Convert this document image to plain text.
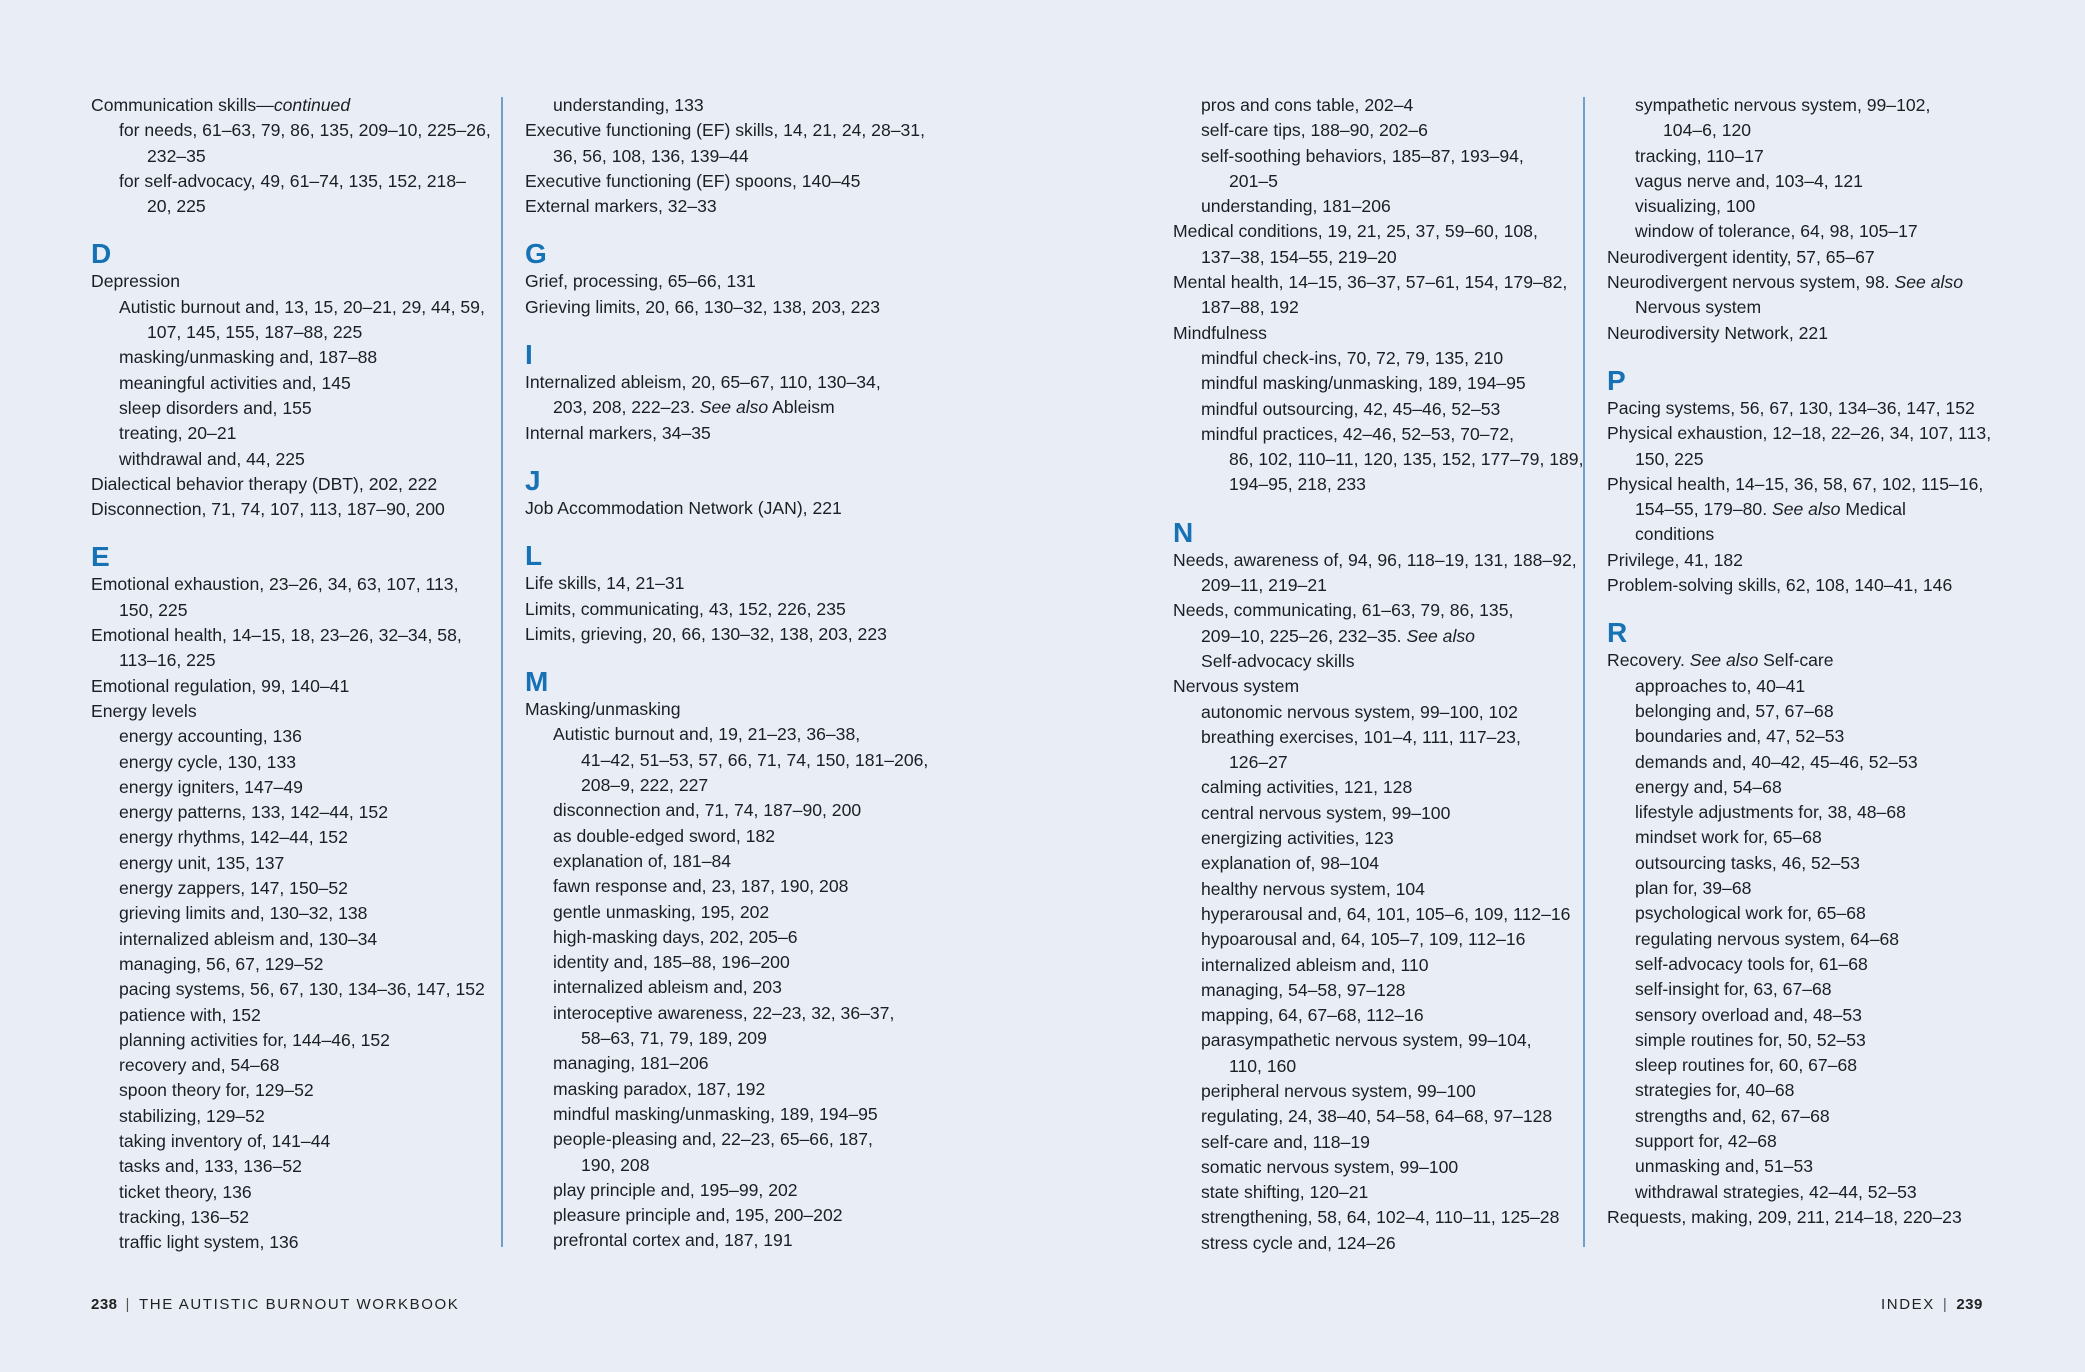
Communication skills—continued
for needs, 61–63, 79, 86, 135, 209–10, 225–26,
232–35
for self-advocacy, 49, 61–74, 135, 152, 218–
20, 225
D
Depression
Autistic burnout and, 13, 15, 20–21, 29, 44, 59,
107, 145, 155, 187–88, 225
masking/unmasking and, 187–88
meaningful activities and, 145
sleep disorders and, 155
treating, 20–21
withdrawal and, 44, 225
Dialectical behavior therapy (DBT), 202, 222
Disconnection, 71, 74, 107, 113, 187–90, 200
E
Emotional exhaustion, 23–26, 34, 63, 107, 113,
150, 225
Emotional health, 14–15, 18, 23–26, 32–34, 58,
113–16, 225
Emotional regulation, 99, 140–41
Energy levels
energy accounting, 136
energy cycle, 130, 133
energy igniters, 147–49
energy patterns, 133, 142–44, 152
energy rhythms, 142–44, 152
energy unit, 135, 137
energy zappers, 147, 150–52
grieving limits and, 130–32, 138
internalized ableism and, 130–34
managing, 56, 67, 129–52
pacing systems, 56, 67, 130, 134–36, 147, 152
patience with, 152
planning activities for, 144–46, 152
recovery and, 54–68
spoon theory for, 129–52
stabilizing, 129–52
taking inventory of, 141–44
tasks and, 133, 136–52
ticket theory, 136
tracking, 136–52
traffic light system, 136
understanding, 133
Executive functioning (EF) skills, 14, 21, 24, 28–31,
36, 56, 108, 136, 139–44
Executive functioning (EF) spoons, 140–45
External markers, 32–33
G
Grief, processing, 65–66, 131
Grieving limits, 20, 66, 130–32, 138, 203, 223
I
Internalized ableism, 20, 65–67, 110, 130–34,
203, 208, 222–23. See also Ableism
Internal markers, 34–35
J
Job Accommodation Network (JAN), 221
L
Life skills, 14, 21–31
Limits, communicating, 43, 152, 226, 235
Limits, grieving, 20, 66, 130–32, 138, 203, 223
M
Masking/unmasking
Autistic burnout and, 19, 21–23, 36–38,
41–42, 51–53, 57, 66, 71, 74, 150, 181–206,
208–9, 222, 227
disconnection and, 71, 74, 187–90, 200
as double-edged sword, 182
explanation of, 181–84
fawn response and, 23, 187, 190, 208
gentle unmasking, 195, 202
high-masking days, 202, 205–6
identity and, 185–88, 196–200
internalized ableism and, 203
interoceptive awareness, 22–23, 32, 36–37,
58–63, 71, 79, 189, 209
managing, 181–206
masking paradox, 187, 192
mindful masking/unmasking, 189, 194–95
people-pleasing and, 22–23, 65–66, 187,
190, 208
play principle and, 195–99, 202
pleasure principle and, 195, 200–202
prefrontal cortex and, 187, 191
238 | THE AUTISTIC BURNOUT WORKBOOK
pros and cons table, 202–4
self-care tips, 188–90, 202–6
self-soothing behaviors, 185–87, 193–94,
201–5
understanding, 181–206
Medical conditions, 19, 21, 25, 37, 59–60, 108,
137–38, 154–55, 219–20
Mental health, 14–15, 36–37, 57–61, 154, 179–82,
187–88, 192
Mindfulness
mindful check-ins, 70, 72, 79, 135, 210
mindful masking/unmasking, 189, 194–95
mindful outsourcing, 42, 45–46, 52–53
mindful practices, 42–46, 52–53, 70–72,
86, 102, 110–11, 120, 135, 152, 177–79, 189,
194–95, 218, 233
N
Needs, awareness of, 94, 96, 118–19, 131, 188–92,
209–11, 219–21
Needs, communicating, 61–63, 79, 86, 135,
209–10, 225–26, 232–35. See also
Self-advocacy skills
Nervous system
autonomic nervous system, 99–100, 102
breathing exercises, 101–4, 111, 117–23,
126–27
calming activities, 121, 128
central nervous system, 99–100
energizing activities, 123
explanation of, 98–104
healthy nervous system, 104
hyperarousal and, 64, 101, 105–6, 109, 112–16
hypoarousal and, 64, 105–7, 109, 112–16
internalized ableism and, 110
managing, 54–58, 97–128
mapping, 64, 67–68, 112–16
parasympathetic nervous system, 99–104,
110, 160
peripheral nervous system, 99–100
regulating, 24, 38–40, 54–58, 64–68, 97–128
self-care and, 118–19
somatic nervous system, 99–100
state shifting, 120–21
strengthening, 58, 64, 102–4, 110–11, 125–28
stress cycle and, 124–26
sympathetic nervous system, 99–102,
104–6, 120
tracking, 110–17
vagus nerve and, 103–4, 121
visualizing, 100
window of tolerance, 64, 98, 105–17
Neurodivergent identity, 57, 65–67
Neurodivergent nervous system, 98. See also
Nervous system
Neurodiversity Network, 221
P
Pacing systems, 56, 67, 130, 134–36, 147, 152
Physical exhaustion, 12–18, 22–26, 34, 107, 113,
150, 225
Physical health, 14–15, 36, 58, 67, 102, 115–16,
154–55, 179–80. See also Medical
conditions
Privilege, 41, 182
Problem-solving skills, 62, 108, 140–41, 146
R
Recovery. See also Self-care
approaches to, 40–41
belonging and, 57, 67–68
boundaries and, 47, 52–53
demands and, 40–42, 45–46, 52–53
energy and, 54–68
lifestyle adjustments for, 38, 48–68
mindset work for, 65–68
outsourcing tasks, 46, 52–53
plan for, 39–68
psychological work for, 65–68
regulating nervous system, 64–68
self-advocacy tools for, 61–68
self-insight for, 63, 67–68
sensory overload and, 48–53
simple routines for, 50, 52–53
sleep routines for, 60, 67–68
strategies for, 40–68
strengths and, 62, 67–68
support for, 42–68
unmasking and, 51–53
withdrawal strategies, 42–44, 52–53
Requests, making, 209, 211, 214–18, 220–23
INDEX | 239
